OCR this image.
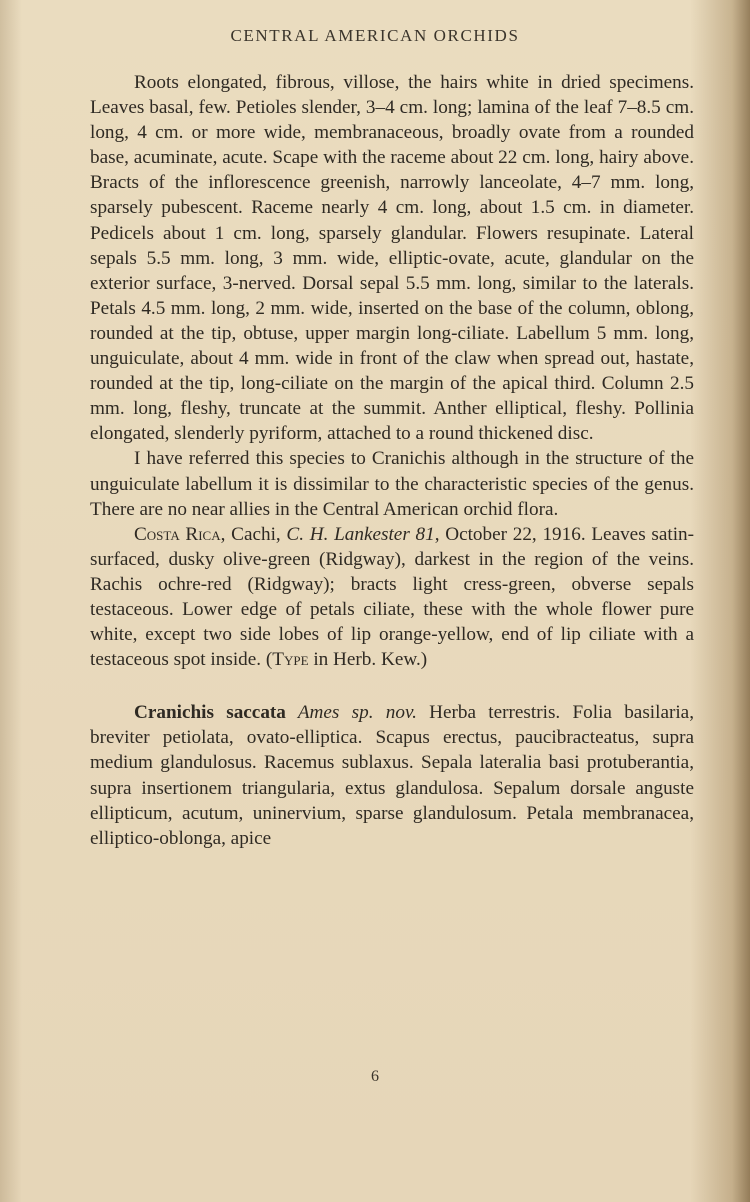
CENTRAL AMERICAN ORCHIDS

Roots elongated, fibrous, villose, the hairs white in dried specimens. Leaves basal, few. Petioles slender, 3–4 cm. long; lamina of the leaf 7–8.5 cm. long, 4 cm. or more wide, membranaceous, broadly ovate from a rounded base, acuminate, acute. Scape with the raceme about 22 cm. long, hairy above. Bracts of the inflorescence greenish, narrowly lanceolate, 4–7 mm. long, sparsely pubescent. Raceme nearly 4 cm. long, about 1.5 cm. in diameter. Pedicels about 1 cm. long, sparsely glandular. Flowers resupinate. Lateral sepals 5.5 mm. long, 3 mm. wide, elliptic-ovate, acute, glandular on the exterior surface, 3-nerved. Dorsal sepal 5.5 mm. long, similar to the laterals. Petals 4.5 mm. long, 2 mm. wide, inserted on the base of the column, oblong, rounded at the tip, obtuse, upper margin long-ciliate. Labellum 5 mm. long, unguiculate, about 4 mm. wide in front of the claw when spread out, hastate, rounded at the tip, long-ciliate on the margin of the apical third. Column 2.5 mm. long, fleshy, truncate at the summit. Anther elliptical, fleshy. Pollinia elongated, slenderly pyriform, attached to a round thickened disc.

I have referred this species to Cranichis although in the structure of the unguiculate labellum it is dissimilar to the characteristic species of the genus. There are no near allies in the Central American orchid flora.

Costa Rica, Cachi, C. H. Lankester 81, October 22, 1916. Leaves satin-surfaced, dusky olive-green (Ridgway), darkest in the region of the veins. Rachis ochre-red (Ridgway); bracts light cress-green, obverse sepals testaceous. Lower edge of petals ciliate, these with the whole flower pure white, except two side lobes of lip orange-yellow, end of lip ciliate with a testaceous spot inside. (Type in Herb. Kew.)

Cranichis saccata Ames sp. nov. Herba terrestris. Folia basilaria, breviter petiolata, ovato-elliptica. Scapus erectus, paucibracteatus, supra medium glandulosus. Racemus sublaxus. Sepala lateralia basi protuberantia, supra insertionem triangularia, extus glandulosa. Sepalum dorsale anguste ellipticum, acutum, uninervium, sparse glandulosum. Petala membranacea, elliptico-oblonga, apice

6
